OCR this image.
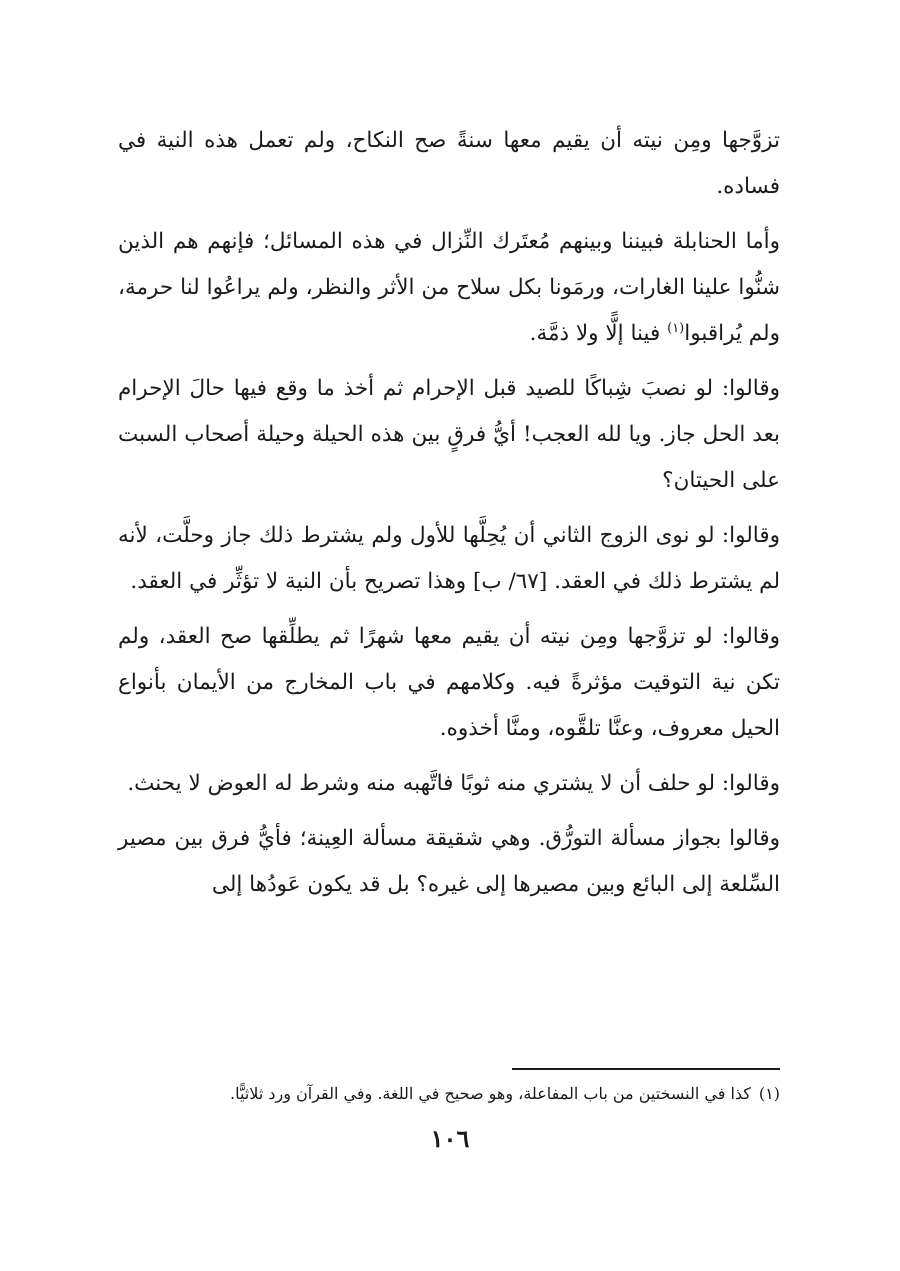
تزوَّجها ومِن نيته أن يقيم معها سنةً صح النكاح، ولم تعمل هذه النية في فساده.

وأما الحنابلة فبيننا وبينهم مُعتَرك النِّزال في هذه المسائل؛ فإنهم هم الذين شنُّوا علينا الغارات، ورمَونا بكل سلاح من الأثر والنظر، ولم يراعُوا لنا حرمة، ولم يُراقبوا$^{(١)}$ فينا إلًّا ولا ذمَّة.

وقالوا: لو نصبَ شِباكًا للصيد قبل الإحرام ثم أخذ ما وقع فيها حالَ الإحرام بعد الحل جاز. ويا لله العجب! أيُّ فرقٍ بين هذه الحيلة وحيلة أصحاب السبت على الحيتان؟

وقالوا: لو نوى الزوج الثاني أن يُحِلَّها للأول ولم يشترط ذلك جاز وحلَّت، لأنه لم يشترط ذلك في العقد. [٦٧/ ب] وهذا تصريح بأن النية لا تؤثِّر في العقد.

وقالوا: لو تزوَّجها ومِن نيته أن يقيم معها شهرًا ثم يطلِّقها صح العقد، ولم تكن نية التوقيت مؤثرةً فيه. وكلامهم في باب المخارج من الأيمان بأنواع الحيل معروف، وعنَّا تلقَّوه، ومنَّا أخذوه.

وقالوا: لو حلف أن لا يشتري منه ثوبًا فاتَّهبه منه وشرط له العوض لا يحنث.

وقالوا بجواز مسألة التورُّق. وهي شقيقة مسألة العِينة؛ فأيُّ فرق بين مصير السِّلعة إلى البائع وبين مصيرها إلى غيره؟ بل قد يكون عَودُها إلى

(١)كذا في النسختين من باب المفاعلة، وهو صحيح في اللغة. وفي القرآن ورد ثلاثيًّا.
١٠٦
